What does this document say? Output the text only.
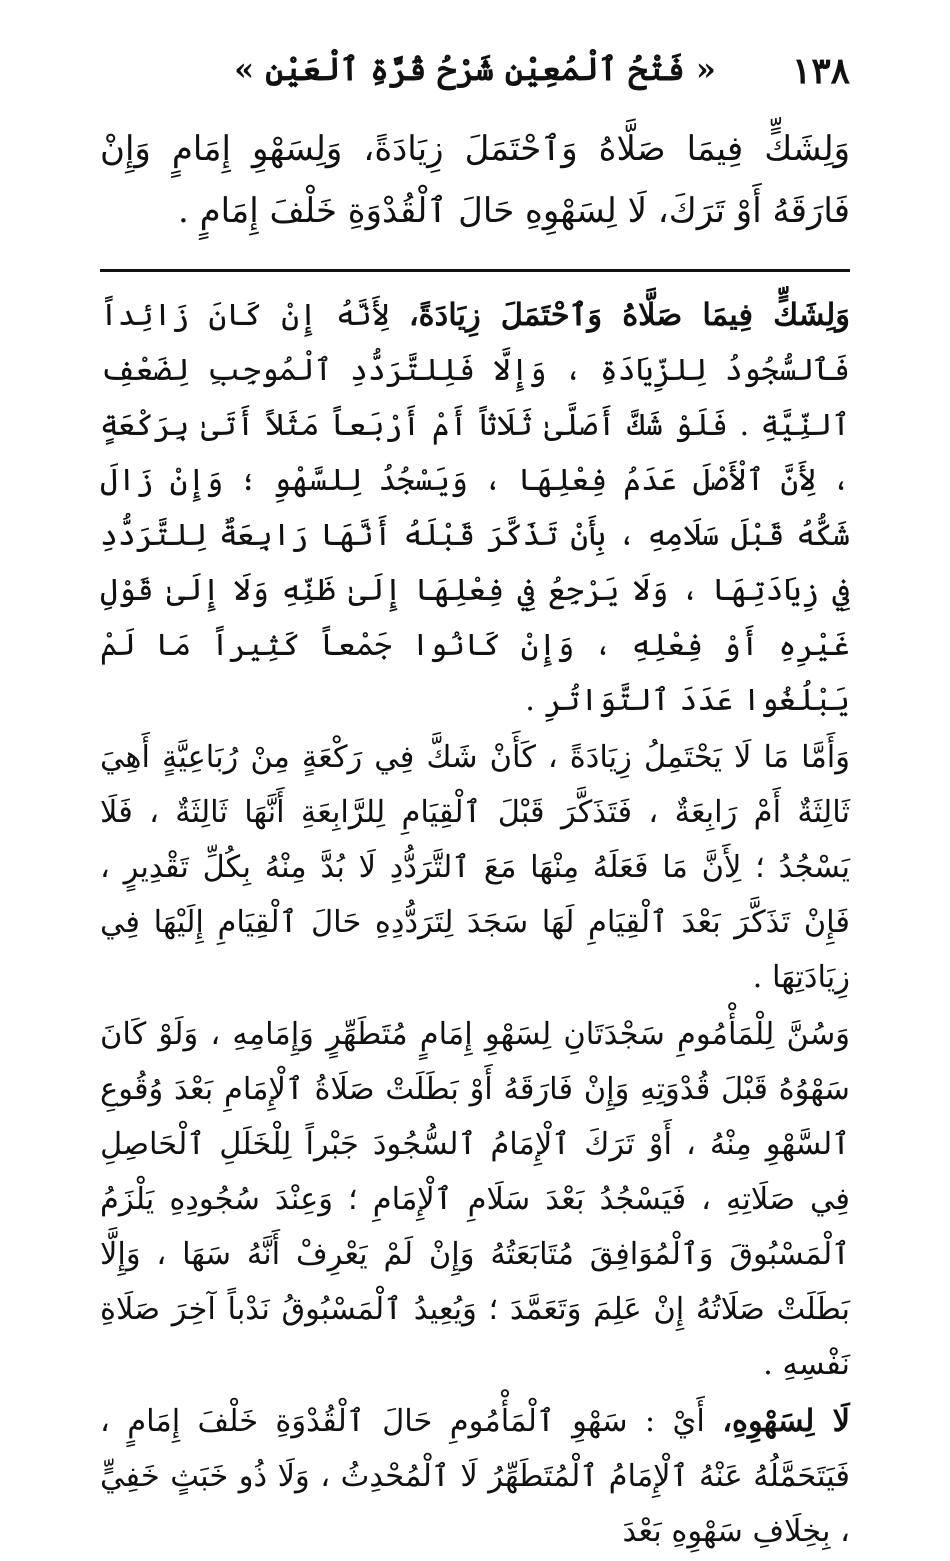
١٣٨
« فَتْحُ ٱلْمُعِيْنِ شَرْحُ قُرَّةِ ٱلْعَيْنِ »
وَلِشَكٍّ فِيمَا صَلَّاهُ وَٱحْتَمَلَ زِيَادَةً، وَلِسَهْوِ إِمَامٍ وَإِنْ فَارَقَهُ أَوْ تَرَكَ، لَا لِسَهْوِهِ حَالَ ٱلْقُدْوَةِ خَلْفَ إِمَامٍ .

وَلِشَكٍّ فِيمَا صَلَّاهُ وَٱحْتَمَلَ زِيَادَةً، لِأَنَّهُ إِنْ كَانَ زَائِداً فَٱلسُّجُودُ لِلزِّيَادَةِ ، وَإِلَّا فَلِلتَّرَدُّدِ ٱلْمُوجِبِ لِضَعْفِ ٱلنِّيَّةِ . فَلَوْ شَكَّ أَصَلَّىٰ ثَلَاثاً أَمْ أَرْبَعاً مَثَلاً أَتَىٰ بِرَكْعَةٍ ، لِأَنَّ ٱلْأَصْلَ عَدَمُ فِعْلِهَا ، وَيَسْجُدُ لِلسَّهْوِ ؛ وَإِنْ زَالَ شَكُّهُ قَبْلَ سَلَامِهِ ، بِأَنْ تَذَكَّرَ قَبْلَهُ أَنَّهَا رَابِعَةٌ لِلتَّرَدُّدِ فِي زِيَادَتِهَا ، وَلَا يَرْجِعُ فِي فِعْلِهَا إِلَىٰ ظَنِّهِ وَلَا إِلَىٰ قَوْلِ غَيْرِهِ أَوْ فِعْلِهِ ، وَإِنْ كَانُوا جَمْعاً كَثِيراً مَا لَمْ يَبْلُغُوا عَدَدَ ٱلتَّوَاتُرِ .

وَأَمَّا مَا لَا يَحْتَمِلُ زِيَادَةً ، كَأَنْ شَكَّ فِي رَكْعَةٍ مِنْ رُبَاعِيَّةٍ أَهِيَ ثَالِثَةٌ أَمْ رَابِعَةٌ ، فَتَذَكَّرَ قَبْلَ ٱلْقِيَامِ لِلرَّابِعَةِ أَنَّهَا ثَالِثَةٌ ، فَلَا يَسْجُدُ ؛ لِأَنَّ مَا فَعَلَهُ مِنْهَا مَعَ ٱلتَّرَدُّدِ لَا بُدَّ مِنْهُ بِكُلِّ تَقْدِيرٍ ، فَإِنْ تَذَكَّرَ بَعْدَ ٱلْقِيَامِ لَهَا سَجَدَ لِتَرَدُّدِهِ حَالَ ٱلْقِيَامِ إِلَيْهَا فِي زِيَادَتِهَا .

وَسُنَّ لِلْمَأْمُومِ سَجْدَتَانِ لِسَهْوِ إِمَامٍ مُتَطَهِّرٍ وَإِمَامِهِ ، وَلَوْ كَانَ سَهْوُهُ قَبْلَ قُدْوَتِهِ وَإِنْ فَارَقَهُ أَوْ بَطَلَتْ صَلَاةُ ٱلْإِمَامِ بَعْدَ وُقُوعِ ٱلسَّهْوِ مِنْهُ ، أَوْ تَرَكَ ٱلْإِمَامُ ٱلسُّجُودَ جَبْراً لِلْخَلَلِ ٱلْحَاصِلِ فِي صَلَاتِهِ ، فَيَسْجُدُ بَعْدَ سَلَامِ ٱلْإِمَامِ ؛ وَعِنْدَ سُجُودِهِ يَلْزَمُ ٱلْمَسْبُوقَ وَٱلْمُوَافِقَ مُتَابَعَتُهُ وَإِنْ لَمْ يَعْرِفْ أَنَّهُ سَهَا ، وَإِلَّا بَطَلَتْ صَلَاتُهُ إِنْ عَلِمَ وَتَعَمَّدَ ؛ وَيُعِيدُ ٱلْمَسْبُوقُ نَدْباً آخِرَ صَلَاةِ نَفْسِهِ .

لَا لِسَهْوِهِ، أَيْ : سَهْوِ ٱلْمَأْمُومِ حَالَ ٱلْقُدْوَةِ خَلْفَ إِمَامٍ ، فَيَتَحَمَّلُهُ عَنْهُ ٱلْإِمَامُ ٱلْمُتَطَهِّرُ لَا ٱلْمُحْدِثُ ، وَلَا ذُو خَبَثٍ خَفِيٍّ ، بِخِلَافِ سَهْوِهِ بَعْدَ
